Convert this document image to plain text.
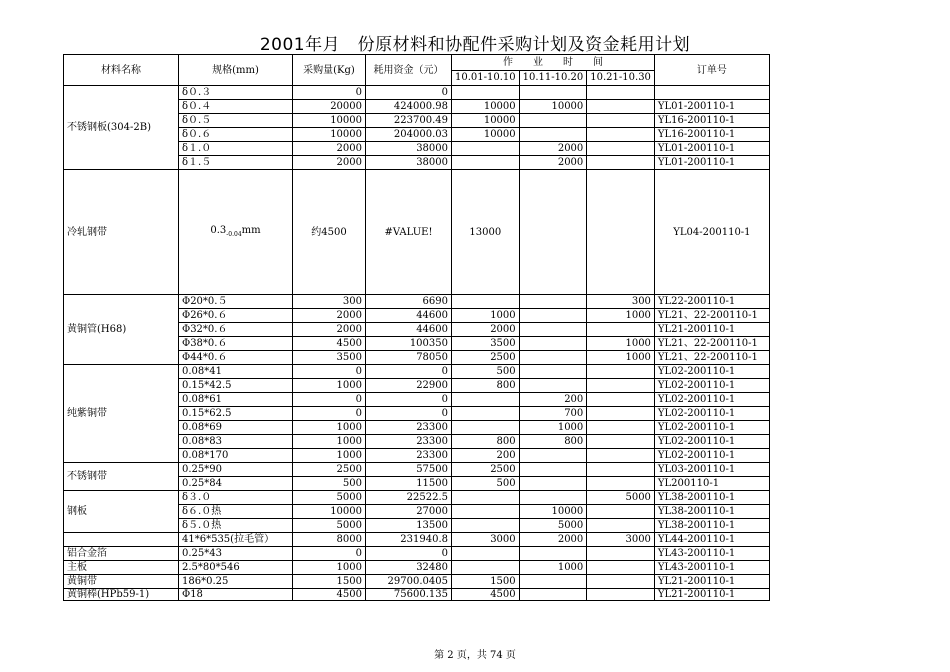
2001年月　份原材料和协配件采购计划及资金耗用计划
材料名称	规格(mm)	采购量(Kg)	耗用资金（元）	作　　业　　时　　间			订单号
				10.01-10.10	10.11-10.20	10.21-10.30	
不锈钢板(304-2B)	δ０.３	0	0				
	δ０.４	20000	424000.98	10000	10000		YL01-200110-1
	δ０.５	10000	223700.49	10000			YL16-200110-1
	δ０.６	10000	204000.03	10000			YL16-200110-1
	δ１.０	2000	38000		2000		YL01-200110-1
	δ１.５	2000	38000		2000		YL01-200110-1
冷轧钢带	$0.3_{-0.04}mm$	约4500	#VALUE!	13000			YL04-200110-1
黄铜管(H68)	Φ20*0.５	300	6690			300	YL22-200110-1
	Φ26*0.６	2000	44600	1000		1000	YL21、22-200110-1
	Φ32*0.６	2000	44600	2000			YL21-200110-1
	Φ38*0.６	4500	100350	3500		1000	YL21、22-200110-1
	Φ44*0.６	3500	78050	2500		1000	YL21、22-200110-1
纯紫铜带	0.08*41	0	0	500			YL02-200110-1
	0.15*42.5	1000	22900	800			YL02-200110-1
	0.08*61	0	0		200		YL02-200110-1
	0.15*62.5	0	0		700		YL02-200110-1
	0.08*69	1000	23300		1000		YL02-200110-1
	0.08*83	1000	23300	800	800		YL02-200110-1
	0.08*170	1000	23300	200			YL02-200110-1
不锈钢带	0.25*90	2500	57500	2500			YL03-200110-1
	0.25*84	500	11500	500			YL200110-1
钢板	δ３.０	5000	22522.5			5000	YL38-200110-1
	δ６.０热	10000	27000		10000		YL38-200110-1
	δ５.０热	5000	13500		5000		YL38-200110-1
	41*6*535(拉毛管）	8000	231940.8	3000	2000	3000	YL44-200110-1
铝合金箔	0.25*43	0	0				YL43-200110-1
主板	2.5*80*546	1000	32480		1000		YL43-200110-1
黄铜带	186*0.25	1500	29700.0405	1500			YL21-200110-1
黄铜棒(HPb59-1)	Φ18	4500	75600.135	4500			YL21-200110-1
第 2 页，共 74 页
